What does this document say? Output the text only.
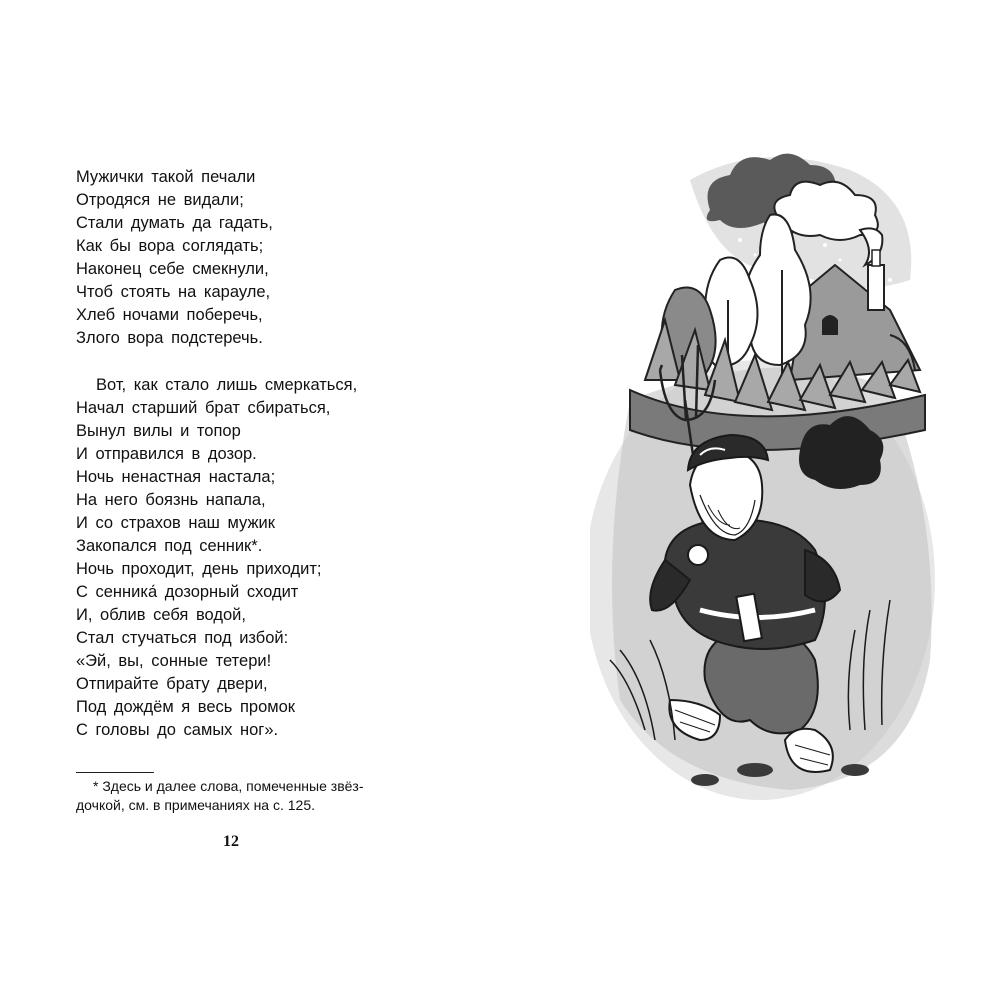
Мужички такой печали
Отродяся не видали;
Стали думать да гадать,
Как бы вора соглядать;
Наконец себе смекнули,
Чтоб стоять на карауле,
Хлеб ночами поберечь,
Злого вора подстеречь.
Вот, как стало лишь смеркаться,
Начал старший брат сбираться,
Вынул вилы и топор
И отправился в дозор.
Ночь ненастная настала;
На него боязнь напала,
И со страхов наш мужик
Закопался под сенник*.
Ночь проходит, день приходит;
С сенника́ дозорный сходит
И, облив себя водой,
Стал стучаться под избой:
«Эй, вы, сонные тетери!
Отпирайте брату двери,
Под дождём я весь промок
С головы до самых ног».
* Здесь и далее слова, помеченные звёз-
дочкой, см. в примечаниях на с. 125.
12
